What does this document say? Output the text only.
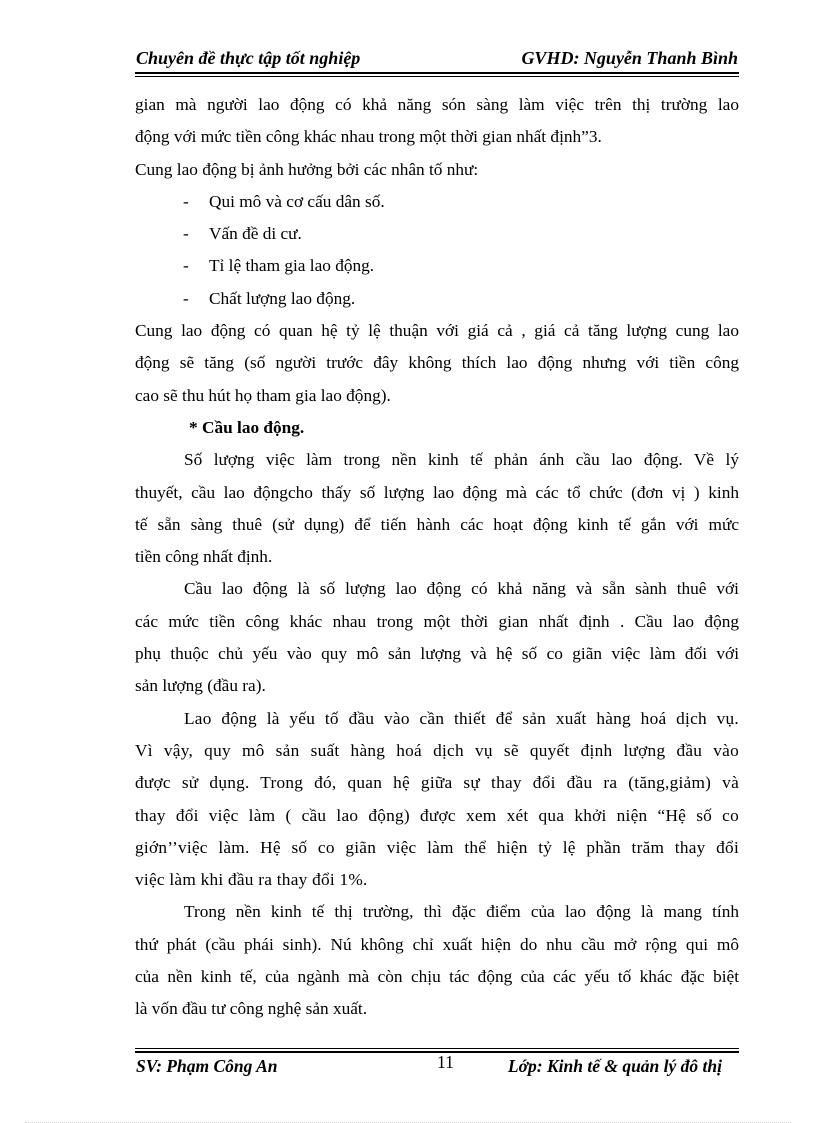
Chuyên đề thực tập tốt nghiệp	GVHD: Nguyễn Thanh Bình
gian mà người lao động có khả năng són sàng làm việc trên thị trường lao
động với mức tiền công khác nhau trong một thời gian nhất định”3.
Cung lao động bị ảnh hưởng bởi các nhân tố như:
- Qui mô và cơ cấu dân số.
- Vấn đề di cư.
- Tỉ lệ tham gia lao động.
- Chất lượng lao động.
Cung lao động có quan hệ tỷ lệ thuận với giá cả , giá cả tăng lượng cung lao
động sẽ tăng (số người trước đây không thích lao động nhưng với tiền công
cao sẽ thu hút họ tham gia lao động).
* Cầu lao động.
Số lượng việc làm trong nền kinh tế phản ánh cầu lao động. Về lý
thuyết, cầu lao độngcho thấy số lượng lao động mà các tổ chức (đơn vị ) kinh
tế sẵn sàng thuê (sử dụng) để tiến hành các hoạt động kinh tế gắn với mức
tiền công nhất định.
Cầu lao động là số lượng lao động có khả năng và sẵn sành thuê với
các mức tiền công khác nhau trong một thời gian nhất định . Cầu lao động
phụ thuộc chủ yếu vào quy mô sản lượng và hệ số co giãn việc làm đối với
sản lượng (đầu ra).
Lao động là yếu tố đầu vào cần thiết để sản xuất hàng hoá dịch vụ.
Vì vậy, quy mô sản suất hàng hoá dịch vụ sẽ quyết định lượng đầu vào
được sử dụng. Trong đó, quan hệ giữa sự thay đổi đầu ra (tăng,giảm) và
thay đổi việc làm ( cầu lao động) được xem xét qua khởi niện “Hệ số co
giớn’’việc làm. Hệ số co giãn việc làm thể hiện tỷ lệ phần trăm thay đổi
việc làm khi đầu ra thay đổi 1%.
Trong nền kinh tế thị trường, thì đặc điểm của lao động là mang tính
thứ phát (cầu phái sinh). Nú không chỉ xuất hiện do nhu cầu mở rộng qui mô
của nền kinh tế, của ngành mà còn chịu tác động của các yếu tố khác đặc biệt
là vốn đầu tư công nghệ sản xuất.
SV: Phạm Công An	11	Lớp: Kinh tế & quản lý đô thị
